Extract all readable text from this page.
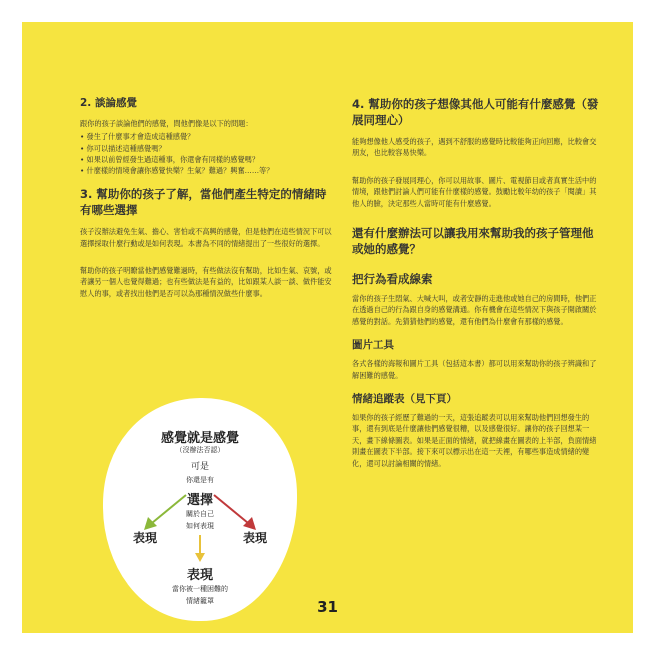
2. 談論感覺
跟你的孩子談論他們的感覺，問他們像是以下的問題：
• 發生了什麼事才會造成這種感覺？
• 你可以描述這種感覺嗎？
• 如果以前曾經發生過這種事，你還會有同樣的感覺嗎？
• 什麼樣的情境會讓你感覺快樂？生氣？難過？興奮……等？
3. 幫助你的孩子了解，當他們產生特定的情緒時有哪些選擇
孩子沒辦法避免生氣、擔心、害怕或不高興的感覺，但是他們在這些情況下可以選擇採取什麼行動或是如何表現。本書為不同的情緒提出了一些很好的選擇。
幫助你的孩子明瞭當他們感覺難過時，有些做法沒有幫助，比如生氣、哀號，或者讓另一個人也覺得難過；也有些做法是有益的，比如跟某人談一談、做件能安慰人的事，或者找出他們是否可以為那種情況做些什麼事。
感覺就是感覺
（沒辦法否認）
可是
你還是有
選擇
關於自己
如何表現
表現	表現
表現
當你被一種困難的
情緒籠罩
4. 幫助你的孩子想像其他人可能有什麼感覺（發展同理心）
能夠想像他人感受的孩子，遇到不舒服的感覺時比較能夠正向回應，比較會交朋友，也比較容易快樂。
幫助你的孩子發展同理心，你可以用故事、圖片、電視節目或者真實生活中的情境，跟他們討論人們可能有什麼樣的感覺。鼓勵比較年幼的孩子「閱讀」其他人的臉，決定那些人當時可能有什麼感覺。
還有什麼辦法可以讓我用來幫助我的孩子管理他或她的感覺？
把行為看成線索
當你的孩子生悶氣、大喊大叫，或者安靜的走進他或她自己的房間時，他們正在透過自己的行為跟自身的感覺溝通。你有機會在這些情況下與孩子開啟關於感覺的對話。先猜猜他們的感覺，還有他們為什麼會有那樣的感覺。
圖片工具
各式各樣的海報和圖片工具（包括這本書）都可以用來幫助你的孩子辨識和了解困難的感覺。
情緒追蹤表（見下頁）
如果你的孩子經歷了難過的一天，這張追蹤表可以用來幫助他們回想發生的事，還有到底是什麼讓他們感覺很糟，以及感覺很好。讓你的孩子回想某一天，畫下線條圖表。如果是正面的情緒，就把線畫在圖表的上半部，負面情緒則畫在圖表下半部。接下來可以標示出在這一天裡，有哪些事造成情緒的變化，還可以討論相關的情緒。
31
